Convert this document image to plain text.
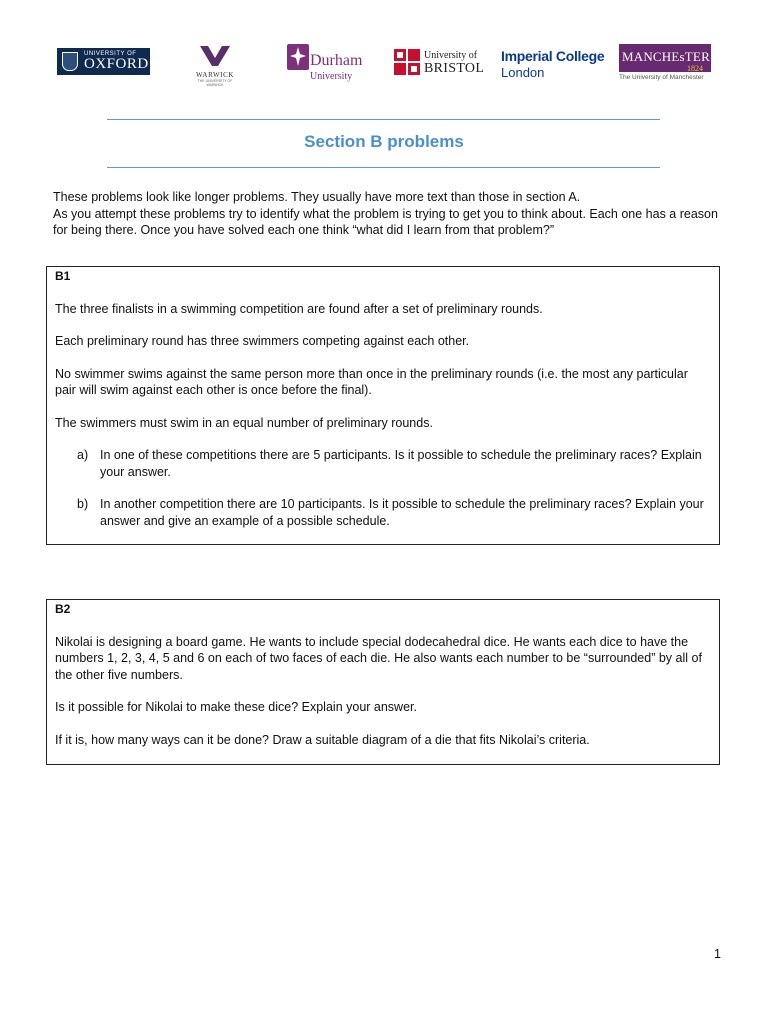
UNIVERSITY OF
OXFORD
WARWICK
THE UNIVERSITY OF WARWICK
Durham
University
University of
BRISTOL
Imperial College
London
MANCHEsTER
1824
The University of Manchester
Section B problems

These problems look like longer problems. They usually have more text than those in section A.

As you attempt these problems try to identify what the problem is trying to get you to think about. Each one has a reason for being there. Once you have solved each one think “what did I learn from that problem?”

B1

The three finalists in a swimming competition are found after a set of preliminary rounds.

Each preliminary round has three swimmers competing against each other.

No swimmer swims against the same person more than once in the preliminary rounds (i.e. the most any particular pair will swim against each other is once before the final).

The swimmers must swim in an equal number of preliminary rounds.

a) In one of these competitions there are 5 participants. Is it possible to schedule the preliminary races? Explain your answer.
b) In another competition there are 10 participants. Is it possible to schedule the preliminary races? Explain your answer and give an example of a possible schedule.
B2

Nikolai is designing a board game. He wants to include special dodecahedral dice. He wants each dice to have the numbers 1, 2, 3, 4, 5 and 6 on each of two faces of each die. He also wants each number to be “surrounded” by all of the other five numbers.

Is it possible for Nikolai to make these dice? Explain your answer.

If it is, how many ways can it be done? Draw a suitable diagram of a die that fits Nikolai’s criteria.

1
